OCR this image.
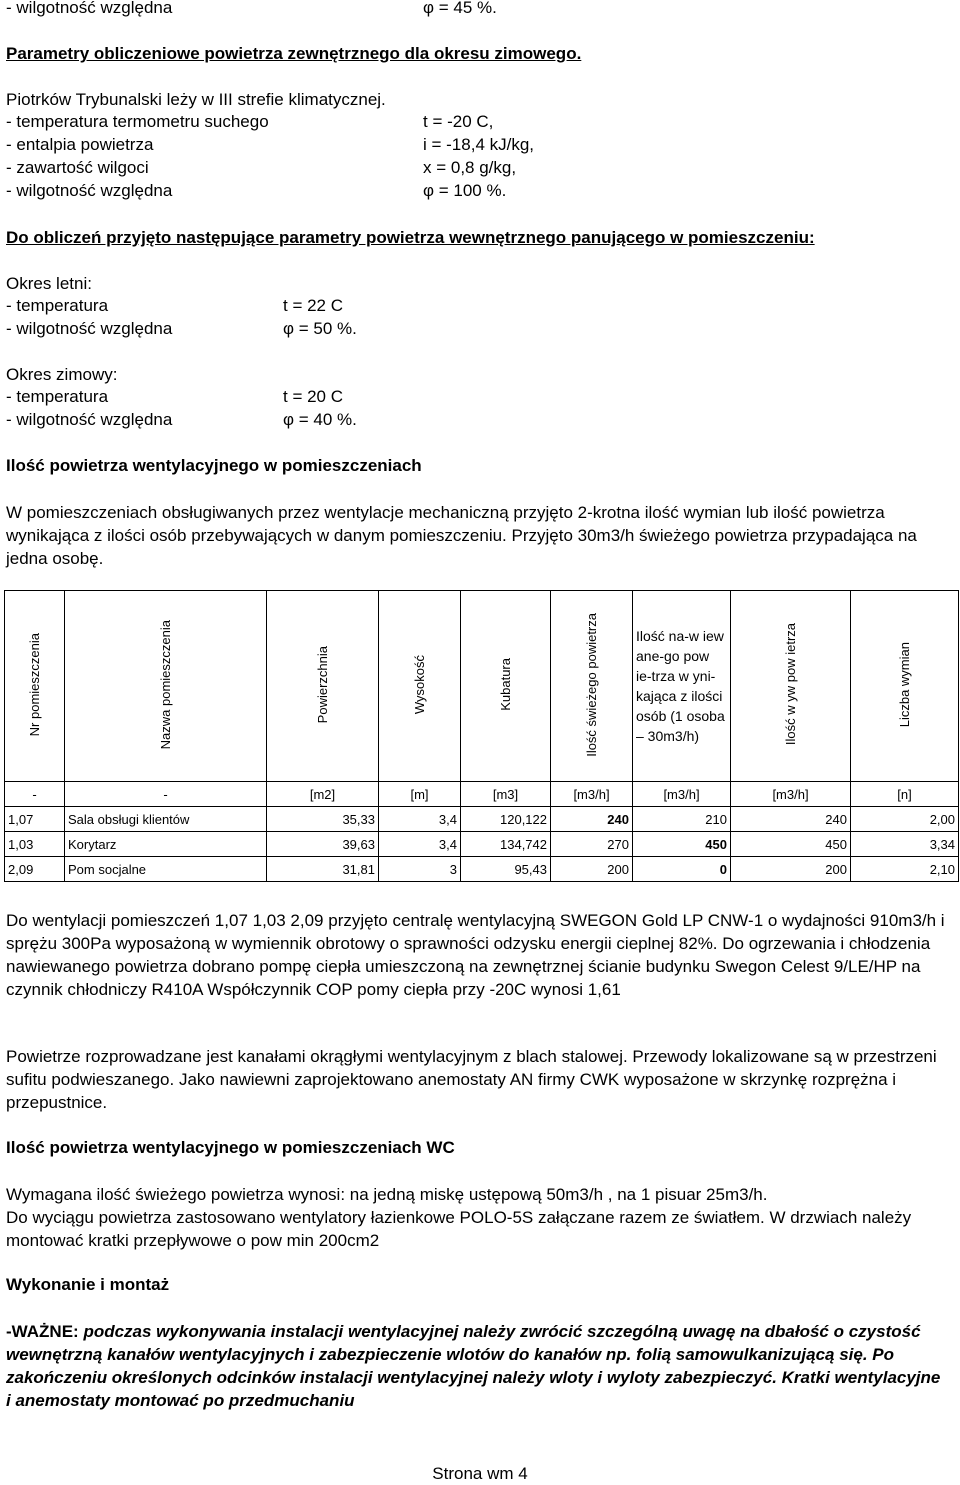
- wilgotność względna	φ = 45 %.
Parametry obliczeniowe powietrza zewnętrznego dla okresu zimowego.
Piotrków Trybunalski leży w III strefie klimatycznej.
- temperatura termometru suchego	t = -20 C,
- entalpia powietrza	i = -18,4 kJ/kg,
- zawartość wilgoci	x = 0,8 g/kg,
- wilgotność względna	φ = 100 %.
Do obliczeń przyjęto następujące parametry powietrza wewnętrznego panującego w pomieszczeniu:
Okres letni:
- temperatura	t = 22 C
- wilgotność względna	φ = 50 %.
Okres zimowy:
- temperatura	t = 20 C
- wilgotność względna	φ = 40 %.
Ilość powietrza wentylacyjnego w pomieszczeniach
W pomieszczeniach obsługiwanych przez wentylacje mechaniczną przyjęto 2-krotna ilość wymian lub ilość powietrza wynikająca z ilości osób przebywających w danym pomieszczeniu. Przyjęto 30m3/h świeżego powietrza przypadająca na jedna osobę.
Nr pomieszczenia	Nazwa pomieszczenia	Powierzchnia	Wysokość	Kubatura	Ilość świeżego powietrza	Ilość na-w iew ane-go pow ie-trza w yni-kająca z ilości osób (1 osoba – 30m3/h)	Ilość w yw pow ietrza	Liczba wymian
-	-	[m2]	[m]	[m3]	[m3/h]	[m3/h]	[m3/h]	[n]
1,07	Sala obsługi klientów	35,33	3,4	120,122	240	210	240	2,00
1,03	Korytarz	39,63	3,4	134,742	270	450	450	3,34
2,09	Pom socjalne	31,81	3	95,43	200	0	200	2,10
Do wentylacji pomieszczeń 1,07 1,03 2,09 przyjęto centralę wentylacyjną SWEGON Gold LP CNW-1 o wydajności 910m3/h i sprężu 300Pa wyposażoną w wymiennik obrotowy o sprawności odzysku energii cieplnej 82%. Do ogrzewania i chłodzenia nawiewanego powietrza dobrano pompę ciepła umieszczoną na zewnętrznej ścianie budynku Swegon Celest 9/LE/HP na czynnik chłodniczy R410A Współczynnik COP pomy ciepła przy -20C wynosi 1,61
Powietrze rozprowadzane jest kanałami okrągłymi wentylacyjnym z blach stalowej. Przewody lokalizowane są w przestrzeni sufitu podwieszanego. Jako nawiewni zaprojektowano anemostaty AN firmy CWK wyposażone w skrzynkę rozprężna i przepustnice.
Ilość powietrza wentylacyjnego w pomieszczeniach WC
Wymagana ilość świeżego powietrza wynosi: na jedną miskę ustępową 50m3/h , na 1 pisuar 25m3/h.
Do wyciągu powietrza zastosowano wentylatory łazienkowe POLO-5S załączane razem ze światłem. W drzwiach należy montować kratki przepływowe o pow min 200cm2
Wykonanie i montaż
-WAŻNE: podczas wykonywania instalacji wentylacyjnej należy zwrócić szczególną uwagę na dbałość o czystość wewnętrzną kanałów wentylacyjnych i zabezpieczenie wlotów do kanałów np. folią samowulkanizującą się. Po zakończeniu określonych odcinków instalacji wentylacyjnej należy wloty i wyloty zabezpieczyć. Kratki wentylacyjne i anemostaty montować po przedmuchaniu
Strona wm 4
